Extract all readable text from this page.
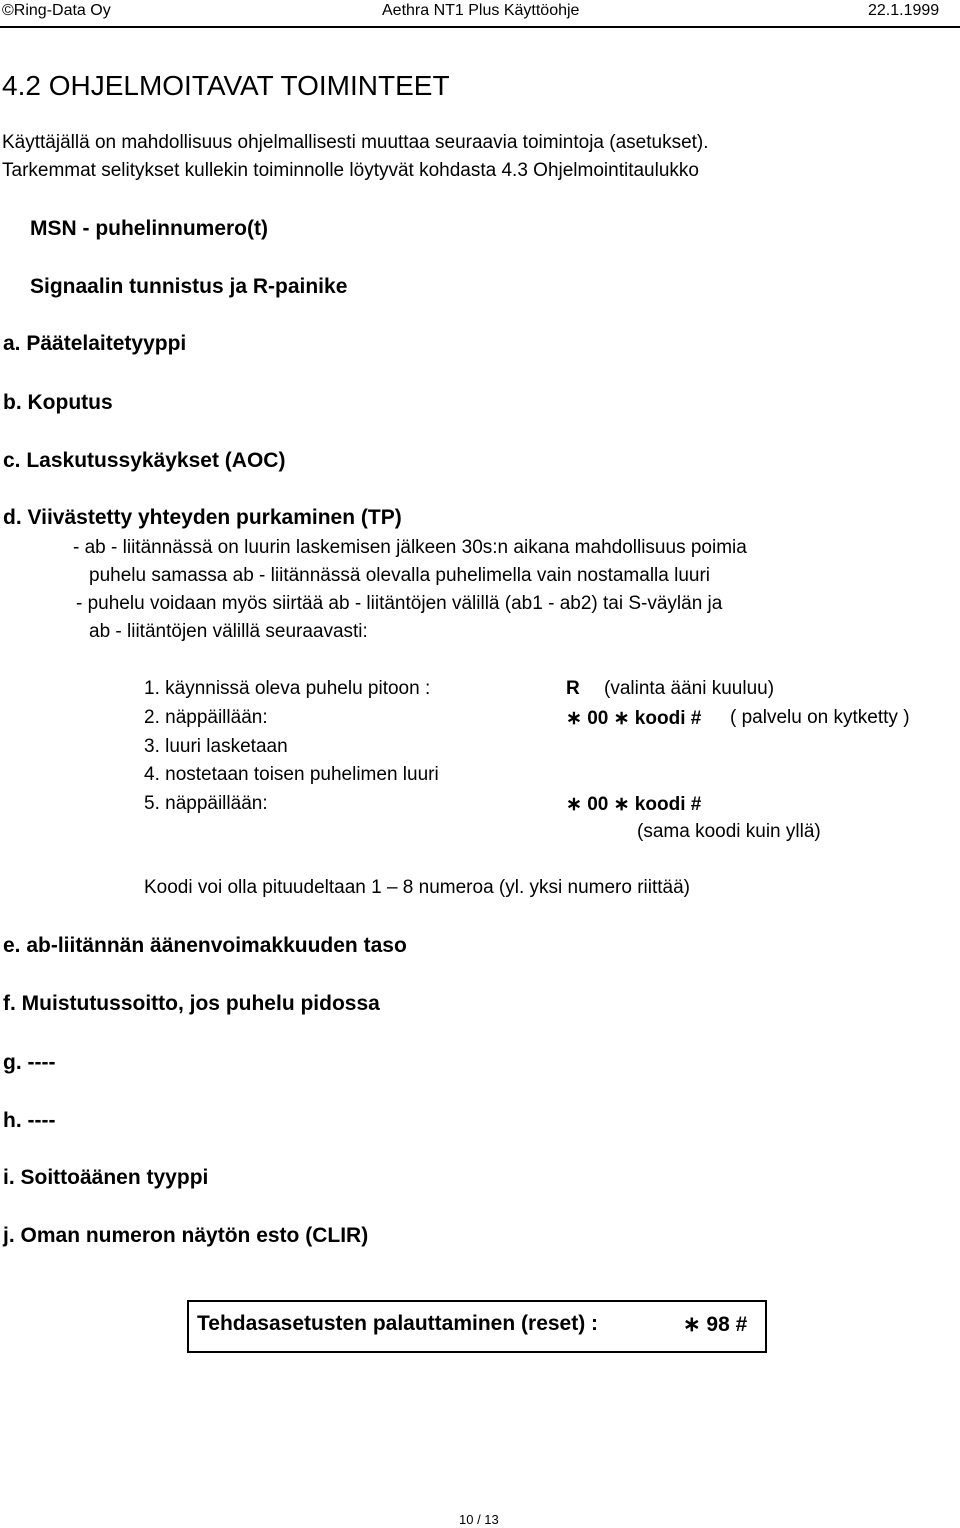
©Ring-Data Oy	Aethra NT1 Plus Käyttöohje	22.1.1999
4.2 OHJELMOITAVAT TOIMINTEET
Käyttäjällä on mahdollisuus ohjelmallisesti muuttaa seuraavia toimintoja (asetukset).
Tarkemmat selitykset kullekin toiminnolle löytyvät kohdasta 4.3 Ohjelmointitaulukko
MSN - puhelinnumero(t)
Signaalin tunnistus ja R-painike
a. Päätelaitetyyppi
b. Koputus
c. Laskutussykäykset (AOC)
d. Viivästetty yhteyden purkaminen (TP)
- ab - liitännässä on luurin laskemisen jälkeen 30s:n aikana mahdollisuus poimia
puhelu samassa ab - liitännässä olevalla puhelimella vain nostamalla luuri
- puhelu voidaan myös siirtää ab - liitäntöjen välillä (ab1 - ab2) tai S-väylän ja
ab - liitäntöjen välillä seuraavasti:
1. käynnissä oleva puhelu pitoon :	R (valinta ääni kuuluu)
2. näppäillään:	∗ 00 ∗ koodi # ( palvelu on kytketty )
3. luuri lasketaan
4. nostetaan toisen puhelimen luuri
5. näppäillään:	∗ 00 ∗ koodi #
(sama koodi kuin yllä)
Koodi voi olla pituudeltaan 1 – 8 numeroa (yl. yksi numero riittää)
e. ab-liitännän äänenvoimakkuuden taso
f. Muistutussoitto, jos puhelu pidossa
g. ----
h. ----
i. Soittoäänen tyyppi
j. Oman numeron näytön esto (CLIR)
Tehdasasetusten palauttaminen (reset) :	∗ 98 #
10 / 13
